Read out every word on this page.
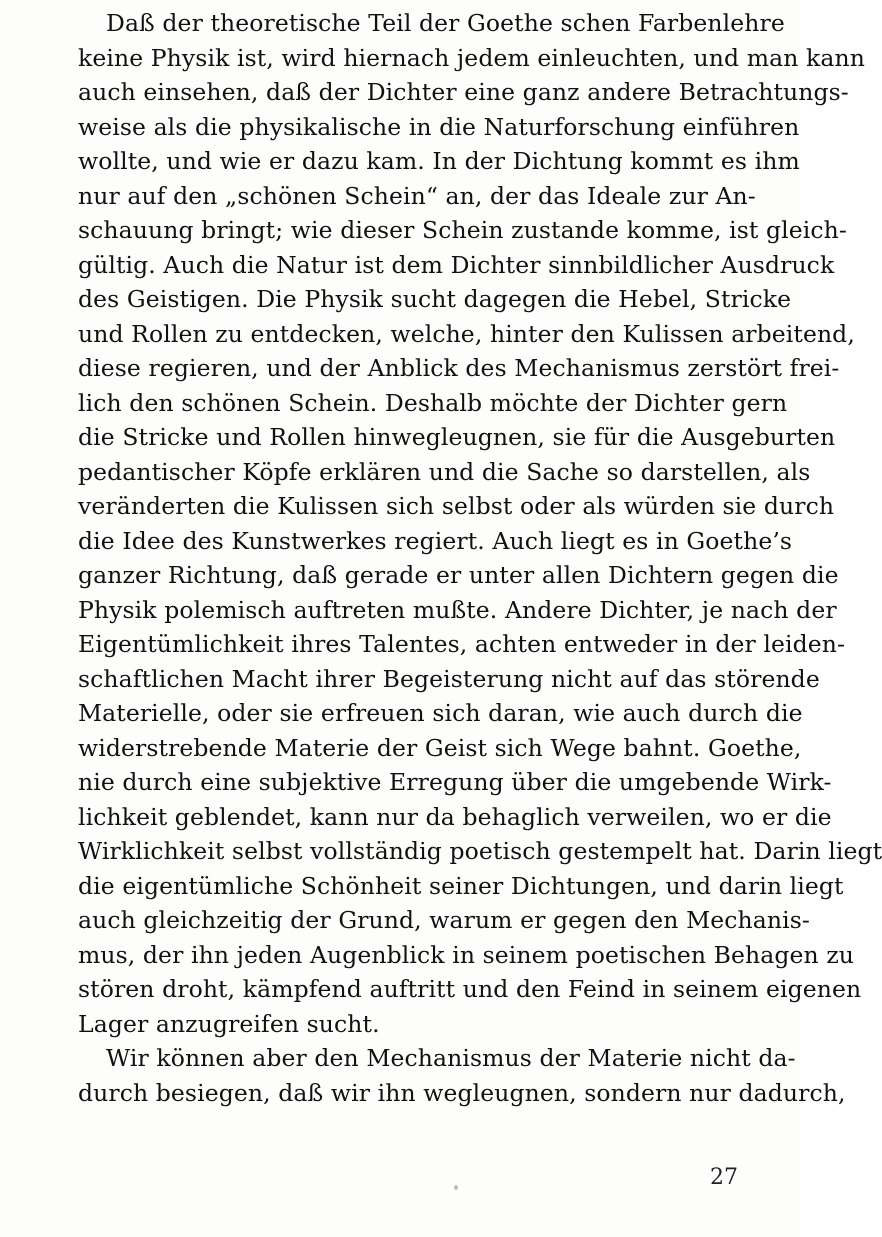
Daß der theoretische Teil der Goethe schen Farbenlehre
keine Physik ist, wird hiernach jedem einleuchten, und man kann
auch einsehen, daß der Dichter eine ganz andere Betrachtungs-
weise als die physikalische in die Naturforschung einführen
wollte, und wie er dazu kam. In der Dichtung kommt es ihm
nur auf den „schönen Schein“ an, der das Ideale zur An-
schauung bringt; wie dieser Schein zustande komme, ist gleich-
gültig. Auch die Natur ist dem Dichter sinnbildlicher Ausdruck
des Geistigen. Die Physik sucht dagegen die Hebel, Stricke
und Rollen zu entdecken, welche, hinter den Kulissen arbeitend,
diese regieren, und der Anblick des Mechanismus zerstört frei-
lich den schönen Schein. Deshalb möchte der Dichter gern
die Stricke und Rollen hinwegleugnen, sie für die Ausgeburten
pedantischer Köpfe erklären und die Sache so darstellen, als
veränderten die Kulissen sich selbst oder als würden sie durch
die Idee des Kunstwerkes regiert. Auch liegt es in Goethe’s
ganzer Richtung, daß gerade er unter allen Dichtern gegen die
Physik polemisch auftreten mußte. Andere Dichter, je nach der
Eigentümlichkeit ihres Talentes, achten entweder in der leiden-
schaftlichen Macht ihrer Begeisterung nicht auf das störende
Materielle, oder sie erfreuen sich daran, wie auch durch die
widerstrebende Materie der Geist sich Wege bahnt. Goethe,
nie durch eine subjektive Erregung über die umgebende Wirk-
lichkeit geblendet, kann nur da behaglich verweilen, wo er die
Wirklichkeit selbst vollständig poetisch gestempelt hat. Darin liegt
die eigentümliche Schönheit seiner Dichtungen, und darin liegt
auch gleichzeitig der Grund, warum er gegen den Mechanis-
mus, der ihn jeden Augenblick in seinem poetischen Behagen zu
stören droht, kämpfend auftritt und den Feind in seinem eigenen
Lager anzugreifen sucht.
Wir können aber den Mechanismus der Materie nicht da-
durch besiegen, daß wir ihn wegleugnen, sondern nur dadurch,
27
